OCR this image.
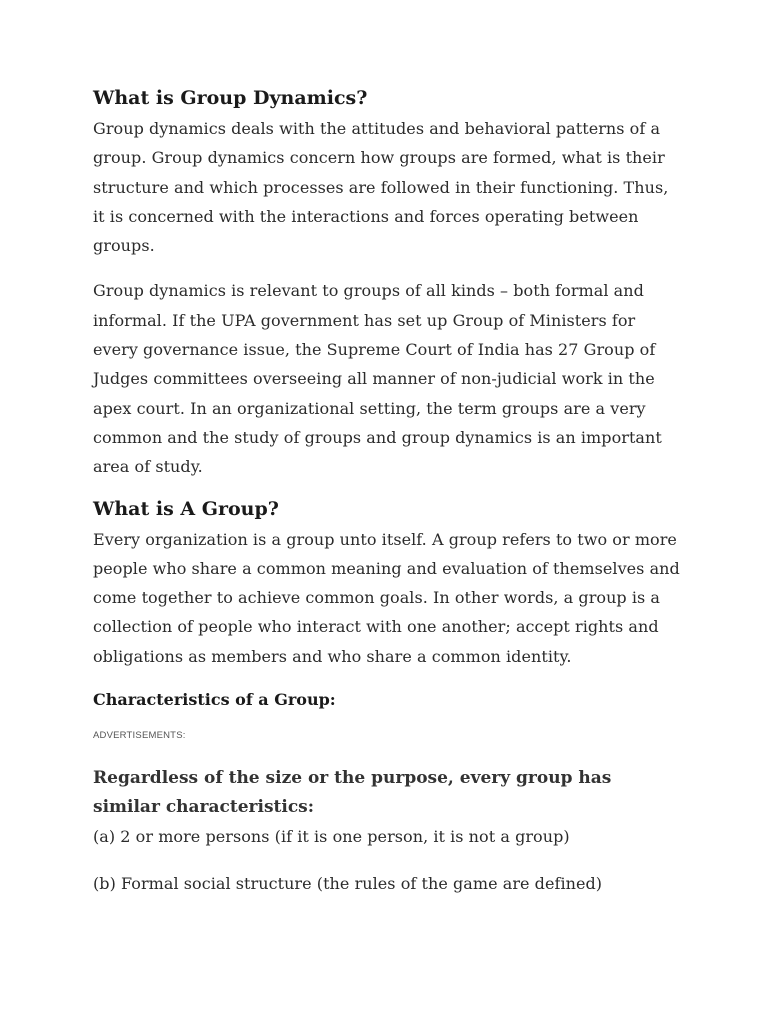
What is Group Dynamics?

Group dynamics deals with the attitudes and behavioral patterns of a group. Group dynamics concern how groups are formed, what is their structure and which processes are followed in their functioning. Thus, it is concerned with the interactions and forces operating between groups.

Group dynamics is relevant to groups of all kinds – both formal and informal. If the UPA government has set up Group of Ministers for every governance issue, the Supreme Court of India has 27 Group of Judges committees overseeing all manner of non-judicial work in the apex court. In an organizational setting, the term groups are a very common and the study of groups and group dynamics is an important area of study.

What is A Group?

Every organization is a group unto itself. A group refers to two or more people who share a common meaning and evaluation of themselves and come together to achieve common goals. In other words, a group is a collection of people who interact with one another; accept rights and obligations as members and who share a common identity.

Characteristics of a Group:
ADVERTISEMENTS:
Regardless of the size or the purpose, every group has similar characteristics:

(a) 2 or more persons (if it is one person, it is not a group)

(b) Formal social structure (the rules of the game are defined)
